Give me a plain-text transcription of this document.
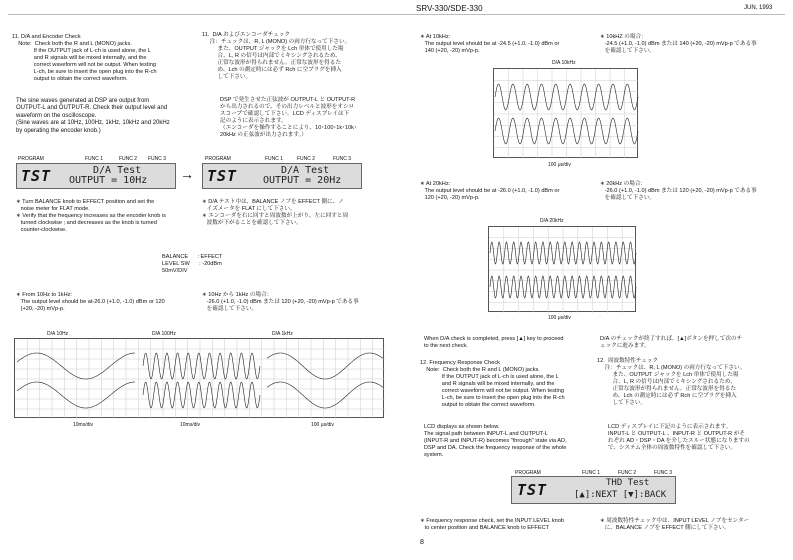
SRV-330/SDE-330	JUN, 1993
11. D/A and Encoder Check
Note:  Check both the R and L (MONO) jacks.
If the OUTPUT jack of L-ch is used alone, the L
and R signals will be mixed internally, and the
correct waveform will not be output. When testing
L-ch, be sure to insert the open plug into the R-ch
output to obtain the correct waveform.
11.  D/A およびエンコーダチェック
注：チェックは、R, L (MONO) の両方行なって下さい。
また、OUTPUT ジャックを Lch 単体で使用した場
合、L, R の信号は内部でミキシングされるため、
正常な波形が得られません。正常な波形を得るた
め、Lch の測定時には必ず Rch に空プラグを挿入
して下さい。
The sine waves generated at DSP are output from
OUTPUT-L and OUTPUT-R. Check their output level and
waveform on the oscilloscope.
(Sine waves are at 10Hz, 100Hz, 1kHz, 10kHz and 20kHz
by operating the encoder knob.)
DSP で発生させた正弦波が OUTPUT-L と OUTPUT-R
から出力されるので、その出力レベルと波形をオシロ
スコープで確認して下さい。LCD ディスプレイは下
記のように表示されます。
（エンコーダを操作することにより、10･100･1k･10k･
20kHz の正弦波が出力されます。）
PROGRAM	FUNC 1	FUNC 2 FUNC 3	PROGRAM	FUNC 1	FUNC 2	FUNC 3
TST	D/A Test
OUTPUT = 10Hz → TST	D/A Test
OUTPUT = 20Hz
∗ Turn BALANCE knob to EFFECT position and set the
noise meter for FLAT mode.
∗ Verify that the frequency increases as the encoder knob is
turned clockwise ; and decreases as the knob is turned
counter-clockwise.
∗ D/A テスト中は、BALANCE ノブを EFFECT 側に、ノ
イズメータを FLAT にして下さい。
∗ エンコーダを右に回すと周波数が上がり、左に回すと周
波数が下がることを確認して下さい。
BALANCE      : EFFECT
LEVEL SW      : -20dBm
50mV/DIV
∗ From 10Hz to 1kHz:
The output level should be at-26.0 (+1.0, -1.0) dBm or 120
(+20, -20) mVp-p.
∗ 10Hz から 1kHz の場合：
-26.0 (+1.0, -1.0) dBm または 120 (+20, -20) mVp-p である事
を確認して下さい。
D/A 10Hz	D/A 100Hz	D/A 1kHz
10ms/div	10ms/div	100 μs/div
∗ At 10kHz:
The output level should be at -24.5 (+1.0, -1.0) dBm or
140 (+20, -20) mVp-p.
∗ 10kHZ の場合：
-24.5 (+1.0, -1.0) dBm または 140 (+20, -20) mVp-p である事
を確認して下さい。
D/A 10kHz
100 μs/div
∗ At 20kHz:
The output level should be at -26.0 (+1.0, -1.0) dBm or
120 (+20, -20) mVp-p.
∗ 20kHz の場合：
-26.0 (+1.0, -1.0) dBm または 120 (+20, -20) mVp-p である事
を確認して下さい。
D/A 20kHz
100 μs/div
When D/A check is completed, press [▲] key to proceed
to the next check.
D/A のチェックが終了すれば、[▲]ボタンを押して次のチ
ェックに進みます。
12. Frequency Response Check
Note:  Check both the R and L (MONO) jacks.
If the OUTPUT jack of L-ch is used alone, the L
and R signals will be mixed internally, and the
correct waveform will not be output. When testing
L-ch, be sure to insert the open plug into the R-ch
output to obtain the correct waveform.
12.  周波数特性チェック
注：チェックは、R, L (MONO) の両方行なって下さい。
また、OUTPUT ジャックを Lch 単体で使用した場
合、L, R の信号は内部でミキシングされるため、
正常な波形が得られません。正常な波形を得るた
め、Lch の測定時には必ず Rch に空プラグを挿入
して下さい。
LCD displays as shown below.
The signal path between INPUT-L and OUTPUT-L
(INPUT-R and INPUT-R) becomes "through" state via AD,
DSP and DA. Check the frequency response of the whole
system.
LCD ディスプレイに下記のように表示されます。
INPUT-L と OUTPUT-L 、INPUT-R と OUTPUT-R がそ
れぞれ AD・DSP・DA を介したスルー状態になりますの
で、システム全体の周波数特性を確認して下さい。
PROGRAM	FUNC 1	FUNC 2	FUNC 3
TST	THD Test
[▲]:NEXT [▼]:BACK
∗ Frequency response check, set the INPUT LEVEL knob
to center position and BALANCE knob to EFFECT
∗ 周波数特性チェック中は、INPUT LEVEL ノブをセンター
に、BALANCE ノブを EFFECT 側にして下さい。
8
